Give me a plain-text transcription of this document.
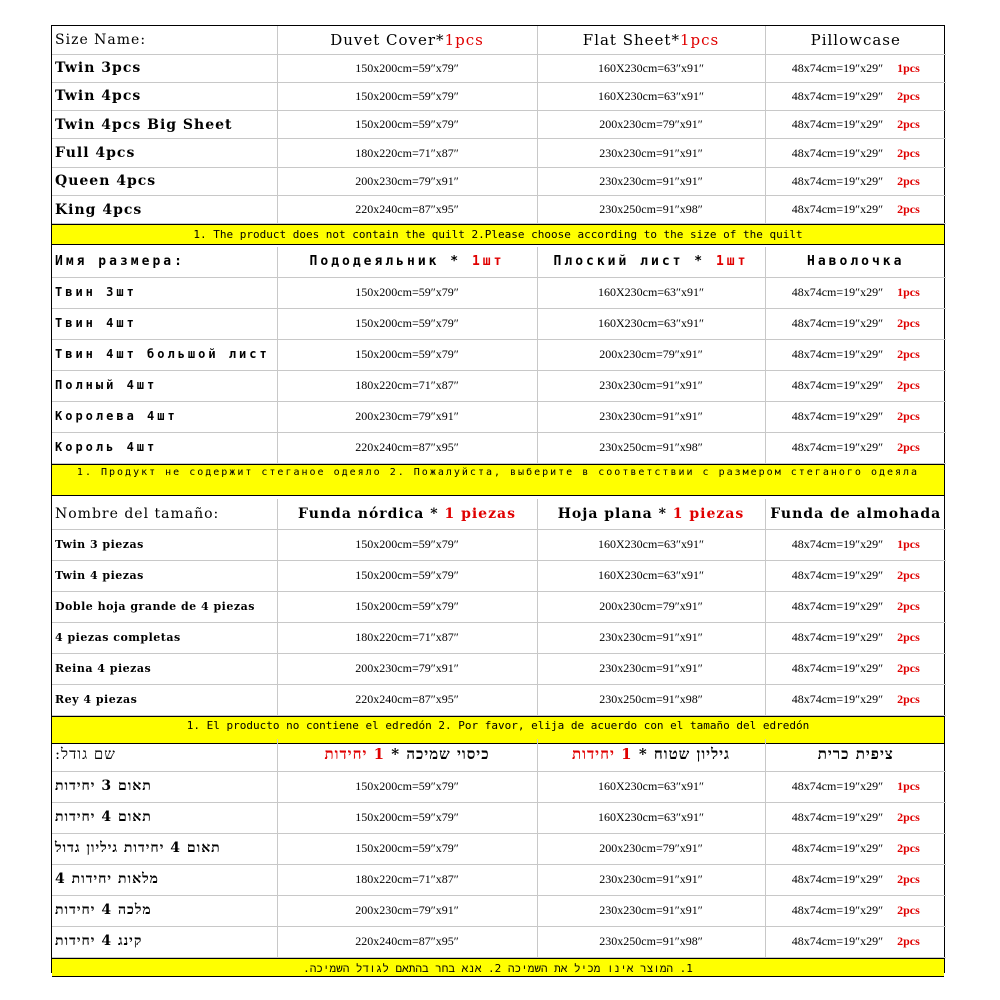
Size Name:	Duvet Cover*1pcs	Flat Sheet*1pcs	Pillowcase
Twin 3pcs	150x200cm=59″x79″	160X230cm=63″x91″	48x74cm=19″x29″ 1pcs
Twin 4pcs	150x200cm=59″x79″	160X230cm=63″x91″	48x74cm=19″x29″ 2pcs
Twin 4pcs Big Sheet	150x200cm=59″x79″	200x230cm=79″x91″	48x74cm=19″x29″ 2pcs
Full 4pcs	180x220cm=71″x87″	230x230cm=91″x91″	48x74cm=19″x29″ 2pcs
Queen 4pcs	200x230cm=79″x91″	230x230cm=91″x91″	48x74cm=19″x29″ 2pcs
King 4pcs	220x240cm=87″x95″	230x250cm=91″x98″	48x74cm=19″x29″ 2pcs
1. The product does not contain the quilt 2.Please choose according to the size of the quilt
Имя размера:	Пододеяльник * 1шт	Плоский лист * 1шт	Наволочка
Твин 3шт	150x200cm=59″x79″	160X230cm=63″x91″	48x74cm=19″x29″ 1pcs
Твин 4шт	150x200cm=59″x79″	160X230cm=63″x91″	48x74cm=19″x29″ 2pcs
Твин 4шт большой лист	150x200cm=59″x79″	200x230cm=79″x91″	48x74cm=19″x29″ 2pcs
Полный 4шт	180x220cm=71″x87″	230x230cm=91″x91″	48x74cm=19″x29″ 2pcs
Королева 4шт	200x230cm=79″x91″	230x230cm=91″x91″	48x74cm=19″x29″ 2pcs
Король 4шт	220x240cm=87″x95″	230x250cm=91″x98″	48x74cm=19″x29″ 2pcs
1. Продукт не содержит стеганое одеяло 2. Пожалуйста, выберите в соответствии с размером стеганого одеяла
Nombre del tamaño:	Funda nórdica * 1 piezas	Hoja plana * 1 piezas	Funda de almohada
Twin 3 piezas	150x200cm=59″x79″	160X230cm=63″x91″	48x74cm=19″x29″ 1pcs
Twin 4 piezas	150x200cm=59″x79″	160X230cm=63″x91″	48x74cm=19″x29″ 2pcs
Doble hoja grande de 4 piezas	150x200cm=59″x79″	200x230cm=79″x91″	48x74cm=19″x29″ 2pcs
4 piezas completas	180x220cm=71″x87″	230x230cm=91″x91″	48x74cm=19″x29″ 2pcs
Reina 4 piezas	200x230cm=79″x91″	230x230cm=91″x91″	48x74cm=19″x29″ 2pcs
Rey 4 piezas	220x240cm=87″x95″	230x250cm=91″x98″	48x74cm=19″x29″ 2pcs
1. El producto no contiene el edredón 2. Por favor, elija de acuerdo con el tamaño del edredón
שם גודל:	כיסוי שמיכה * 1 יחידות	גיליון שטוח * 1 יחידות	ציפית כרית
תאום 3 יחידות	150x200cm=59″x79″	160X230cm=63″x91″	48x74cm=19″x29″ 1pcs
תאום 4 יחידות	150x200cm=59″x79″	160X230cm=63″x91″	48x74cm=19″x29″ 2pcs
תאום 4 יחידות גיליון גדול	150x200cm=59″x79″	200x230cm=79″x91″	48x74cm=19″x29″ 2pcs
מלאות יחידות 4	180x220cm=71″x87″	230x230cm=91″x91″	48x74cm=19″x29″ 2pcs
מלכה 4 יחידות	200x230cm=79″x91″	230x230cm=91″x91″	48x74cm=19″x29″ 2pcs
קינג 4 יחידות	220x240cm=87″x95″	230x250cm=91″x98″	48x74cm=19″x29″ 2pcs
1. המוצר אינו מכיל את השמיכה 2. אנא בחר בהתאם לגודל השמיכה.
